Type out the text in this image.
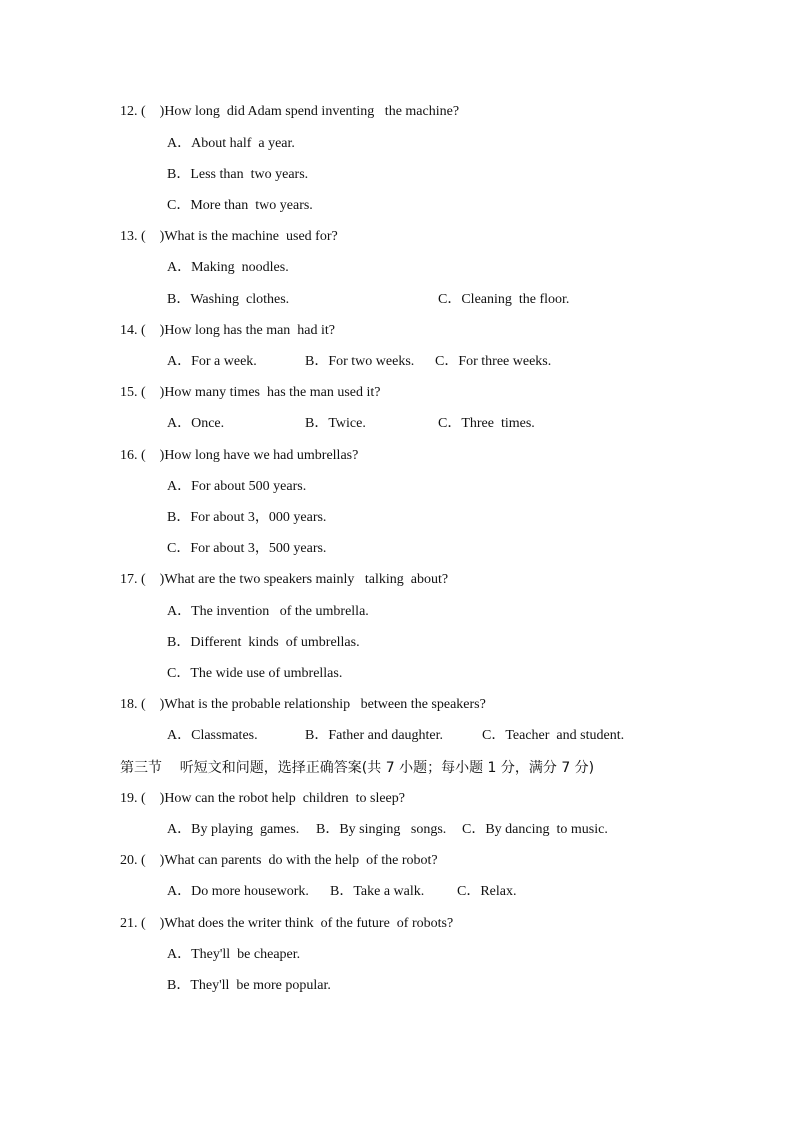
12. (    )How long  did Adam spend inventing   the machine?
A．About half  a year.
B．Less than  two years.
C．More than  two years.
13. (    )What is the machine  used for?
A．Making  noodles.
B．Washing  clothes.	C．Cleaning  the floor.
14. (    )How long has the man  had it?
A．For a week.	B．For two weeks. C．For three weeks.
15. (    )How many times  has the man used it?
A．Once.	B．Twice.	C．Three  times.
16. (    )How long have we had umbrellas?
A．For about 500 years.
B．For about 3，000 years.
C．For about 3，500 years.
17. (    )What are the two speakers mainly   talking  about?
A．The invention   of the umbrella.
B．Different  kinds  of umbrellas.
C．The wide use of umbrellas.
18. (    )What is the probable relationship   between the speakers?
A．Classmates.	B．Father and daughter.	C．Teacher  and student.
第三节    听短文和问题，选择正确答案(共 7 小题；每小题 1 分，满分 7 分)
19. (    )How can the robot help  children  to sleep?
A．By playing  games. B．By singing   songs. C．By dancing  to music.
20. (    )What can parents  do with the help  of the robot?
A．Do more housework. B．Take a walk. C．Relax.
21. (    )What does the writer think  of the future  of robots?
A．They'll  be cheaper.
B．They'll  be more popular.
